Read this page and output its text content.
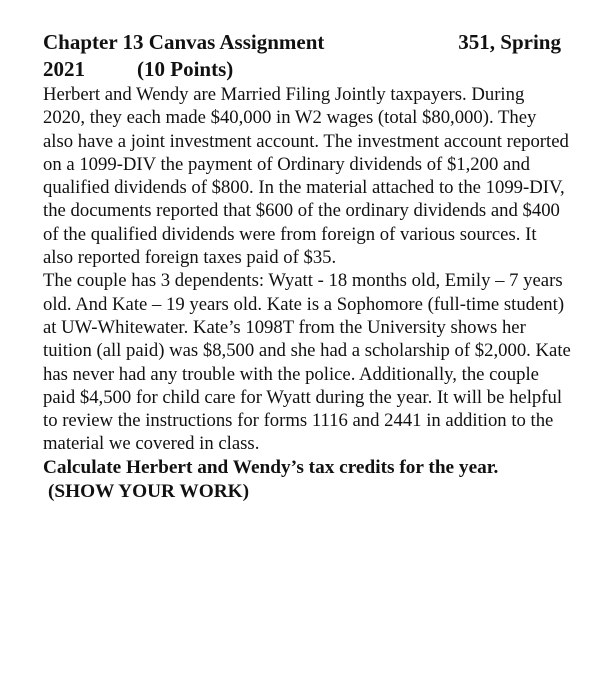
Chapter 13 Canvas Assignment	351, Spring
2021 (10 Points)

Herbert and Wendy are Married Filing Jointly taxpayers. During 2020, they each made $40,000 in W2 wages (total $80,000). They also have a joint investment account. The investment account reported on a 1099-DIV the payment of Ordinary dividends of $1,200 and qualified dividends of $800. In the material attached to the 1099-DIV, the documents reported that $600 of the ordinary dividends and $400 of the qualified dividends were from foreign of various sources. It also reported foreign taxes paid of $35.

The couple has 3 dependents: Wyatt - 18 months old, Emily – 7 years old. And Kate – 19 years old. Kate is a Sophomore (full-time student) at UW-Whitewater. Kate’s 1098T from the University shows her tuition (all paid) was $8,500 and she had a scholarship of $2,000. Kate has never had any trouble with the police. Additionally, the couple paid $4,500 for child care for Wyatt during the year. It will be helpful to review the instructions for forms 1116 and 2441 in addition to the material we covered in class.

Calculate Herbert and Wendy’s tax credits for the year.
(SHOW YOUR WORK)
